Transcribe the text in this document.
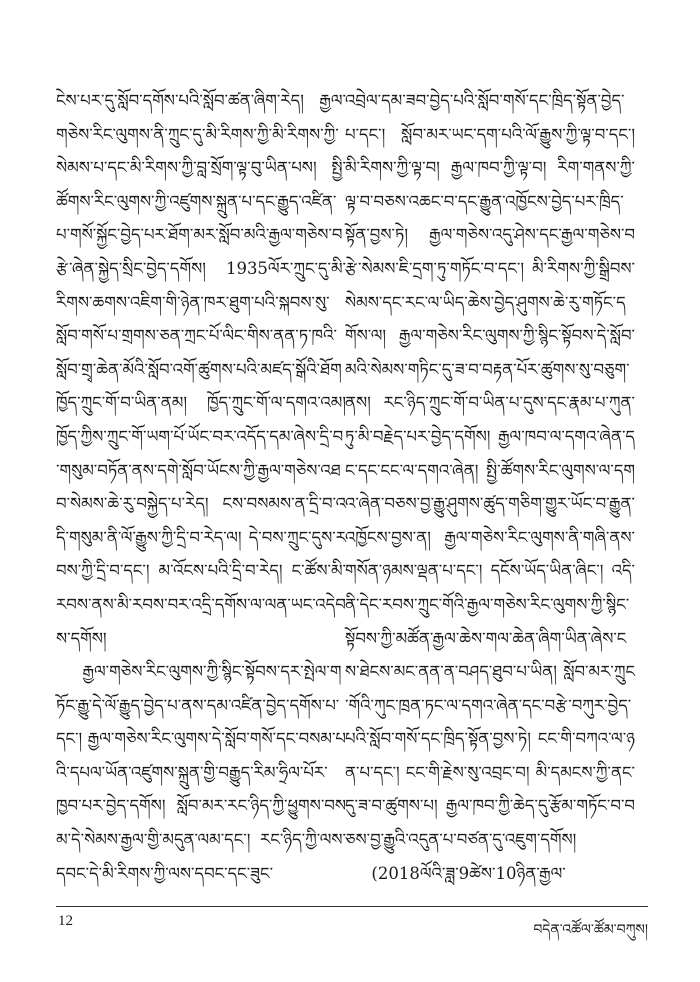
ངེས་པར་དུ་སློབ་དགོས་པའི་སློབ་ཚན་ཞིག་རེད། རྒྱལ་གཅེས་རིང་ལུགས་ནི་ཀྲུང་དུ་མི་རིགས་ཀྱི་མི་རིགས་ཀྱི་སེམས་པ་དང་མི་རིགས་ཀྱི་བླ་སྲོག་ལྟ་བུ་ཡིན་པས། སྤྱི་ཚོགས་རིང་ལུགས་ཀྱི་འཛུགས་སྐྲུན་པ་དང་རྒྱུད་འཛིན་པ་གསོ་སྐྱོང་བྱེད་པར་ཐོག་མར་སློབ་མའི་རྒྱལ་གཅེས་བརྩེ་ཞེན་སྐྱེད་སྲིང་བྱེད་དགོས། 1935ལོར་ཀྲུང་དུ་མི་རིགས་ཆགས་འཇིག་གི་ཉེན་ཁར་ཐུག་པའི་སྐབས་སུ་སློབ་གསོ་པ་གྲགས་ཅན་ཀྲང་པོ་ལིང་གིས་ནན་ཏ་ཁའི་སློབ་གྲྭ་ཆེན་མོའི་སློབ་འགོ་ཚུགས་པའི་མཛད་སྒོའི་ཐོག ཁྱོད་ཀྲུང་གོ་བ་ཡིན་ནམ། ཁྱོད་ཀྲུང་གོ་ལ་དགའ་འམ། ཁྱོད་ཀྱིས་ཀྲུང་གོ་ཡག་པོ་ཡོང་བར་འདོད་དམ་ཞེས་དྲི་བ་གསུམ་བཏོན་ནས་དགེ་སློབ་ཡོངས་ཀྱི་རྒྱལ་གཅེས་འཐབ་སེམས་ཆེ་རུ་བསྐྱེད་པ་རེད། ངས་བསམས་ན་དྲི་བ་འདི་གསུམ་ནི་ལོ་རྒྱུས་ཀྱི་དྲི་བ་རེད་ལ། དེ་བས་ཀྲུང་དུས་རབས་ཀྱི་དྲི་བ་དང་། མ་འོངས་པའི་དྲི་བ་རེད། ང་ཚོས་མི་རབས་ནས་མི་རབས་བར་འདྲི་དགོས་ལ་ལན་ཡང་འདེབས་དགོས།

རྒྱལ་གཅེས་རིང་ལུགས་ཀྱི་སྙིང་སྟོབས་དར་སྤེལ་གཏོང་རྒྱུ་དེ་ལོ་རྒྱུད་བྱེད་པ་ནས་དམ་འཛིན་བྱེད་དགོས་པ་དང་། རྒྱལ་གཅེས་རིང་ལུགས་དེ་སློབ་གསོ་དང་བསམ་པའི་དཔལ་ཡོན་འཛུགས་སྐྲུན་གྱི་བརྒྱུད་རིམ་ཧྲིལ་པོར་ཁྱབ་པར་བྱེད་དགོས། སློབ་མར་རང་ཉིད་ཀྱི་ཕྱུགས་བསམ་དེ་སེམས་རྒྱལ་གྱི་མདུན་ལམ་དང་། རང་ཉིད་ཀྱི་ལས་དབང་དེ་མི་རིགས་ཀྱི་ལས་དབང་དང་ཟུང་

འབྲེལ་དམ་ཟབ་བྱེད་པའི་སློབ་གསོ་དང་ཁྲིད་སྟོན་བྱེད་པ་དང་། སློབ་མར་ཡང་དག་པའི་ལོ་རྒྱུས་ཀྱི་ལྟ་བ་དང་། མི་རིགས་ཀྱི་ལྟ་བ། རྒྱལ་ཁབ་ཀྱི་ལྟ་བ། རིག་གནས་ཀྱི་ལྟ་བ་བཅས་འཆང་བ་དང་རྒྱུན་འཁྱོངས་བྱེད་པར་ཁྲིད་སྟོན་བྱས་ཏེ། རྒྱལ་གཅེས་འདུ་ཤེས་དང་རྒྱལ་གཅེས་བརྩེ་སེམས་ཇི་དྲག་ཏུ་གཏོང་བ་དང་། མི་རིགས་ཀྱི་སྒྲིབས་སེམས་དང་རང་ལ་ཡིད་ཆེས་བྱེད་ཤུགས་ཆེ་རུ་གཏོང་དགོས་ལ། རྒྱལ་གཅེས་རིང་ལུགས་ཀྱི་སྙིང་སྟོབས་དེ་སློབ་མའི་སེམས་གཏིང་དུ་ཟ་བ་བརྟན་པོར་ཚུགས་སུ་བཅུག་ནས། རང་ཉིད་ཀྲུང་གོ་བ་ཡིན་པ་དུས་དང་རྣམ་པ་ཀུན་ཏུ་མི་བརྗེད་པར་བྱེད་དགོས། རྒྱལ་ཁབ་ལ་དགའ་ཞེན་དང་དང་ངང་ལ་དགའ་ཞེན། སྤྱི་ཚོགས་རིང་ལུགས་ལ་དགའ་ཞེན་བཅས་བྱ་རྒྱུ་ཤུགས་ཚུད་གཅིག་གྱུར་ཡོང་བ་རྒྱུན་འཁྱོངས་བྱས་ན། རྒྱལ་གཅེས་རིང་ལུགས་ནི་གཞི་ནས་གསོན་ཉམས་ལྡན་པ་དང་། དངོས་ཡོད་ཡིན་ཞིང་། འདི་ནི་དེང་རབས་ཀྲུང་གོའི་རྒྱལ་གཅེས་རིང་ལུགས་ཀྱི་སྙིང་སྟོབས་ཀྱི་མཚོན་རྒྱལ་ཆེས་གལ་ཆེན་ཞིག་ཡིན་ཞེས་ངས་ཐེངས་མང་ནན་ན་བཤད་ཐུབ་པ་ཡིན། སློབ་མར་ཀྲུང་གོའི་ཀུང་ཁྲན་ཏང་ལ་དགའ་ཞེན་དང་བརྩེ་བཀུར་བྱེད་པའི་སློབ་གསོ་དང་ཁྲིད་སྟོན་བྱས་ཏེ། ངང་གི་བཀའ་ལ་ཉན་པ་དང་། ངང་གི་རྗེས་སུ་འབྲང་བ། མི་དམངས་ཀྱི་ནང་དུ་ཟ་བ་ཚུགས་པ། རྒྱལ་ཁབ་ཀྱི་ཆེད་དུ་རྩོམ་གཏོང་བ་བཅས་བྱ་རྒྱུའི་འདུན་པ་བཙན་དུ་འཇུག་དགོས།

(2018ལོའི་ཟླ་9ཚེས་10ཉིན་རྒྱལ་

12
བདེན་འཚོལ་ཚོམ་བཀུས།
